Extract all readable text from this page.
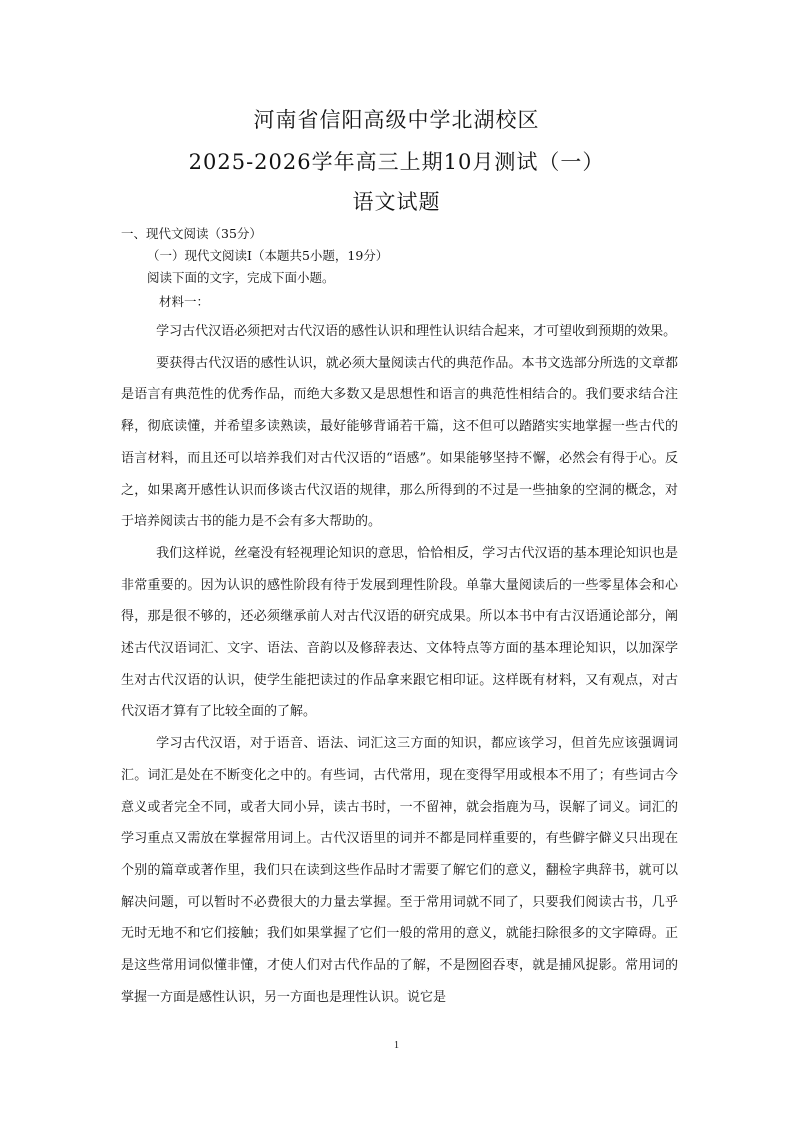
河南省信阳高级中学北湖校区
2025-2026学年高三上期10月测试（一）
语文试题
一、现代文阅读（35分）
（一）现代文阅读Ⅰ（本题共5小题，19分）
阅读下面的文字，完成下面小题。
材料一：

学习古代汉语必须把对古代汉语的感性认识和理性认识结合起来，才可望收到预期的效果。

要获得古代汉语的感性认识，就必须大量阅读古代的典范作品。本书文选部分所选的文章都是语言有典范性的优秀作品，而绝大多数又是思想性和语言的典范性相结合的。我们要求结合注释，彻底读懂，并希望多读熟读，最好能够背诵若干篇，这不但可以踏踏实实地掌握一些古代的语言材料，而且还可以培养我们对古代汉语的“语感”。如果能够坚持不懈，必然会有得于心。反之，如果离开感性认识而侈谈古代汉语的规律，那么所得到的不过是一些抽象的空洞的概念，对于培养阅读古书的能力是不会有多大帮助的。

我们这样说，丝毫没有轻视理论知识的意思，恰恰相反，学习古代汉语的基本理论知识也是非常重要的。因为认识的感性阶段有待于发展到理性阶段。单靠大量阅读后的一些零星体会和心得，那是很不够的，还必须继承前人对古代汉语的研究成果。所以本书中有古汉语通论部分，阐述古代汉语词汇、文字、语法、音韵以及修辞表达、文体特点等方面的基本理论知识，以加深学生对古代汉语的认识，使学生能把读过的作品拿来跟它相印证。这样既有材料，又有观点，对古代汉语才算有了比较全面的了解。

学习古代汉语，对于语音、语法、词汇这三方面的知识，都应该学习，但首先应该强调词汇。词汇是处在不断变化之中的。有些词，古代常用，现在变得罕用或根本不用了；有些词古今意义或者完全不同，或者大同小异，读古书时，一不留神，就会指鹿为马，误解了词义。词汇的学习重点又需放在掌握常用词上。古代汉语里的词并不都是同样重要的，有些僻字僻义只出现在个别的篇章或著作里，我们只在读到这些作品时才需要了解它们的意义，翻检字典辞书，就可以解决问题，可以暂时不必费很大的力量去掌握。至于常用词就不同了，只要我们阅读古书，几乎无时无地不和它们接触；我们如果掌握了它们一般的常用的意义，就能扫除很多的文字障碍。正是这些常用词似懂非懂，才使人们对古代作品的了解，不是囫囵吞枣，就是捕风捉影。常用词的掌握一方面是感性认识，另一方面也是理性认识。说它是

1
